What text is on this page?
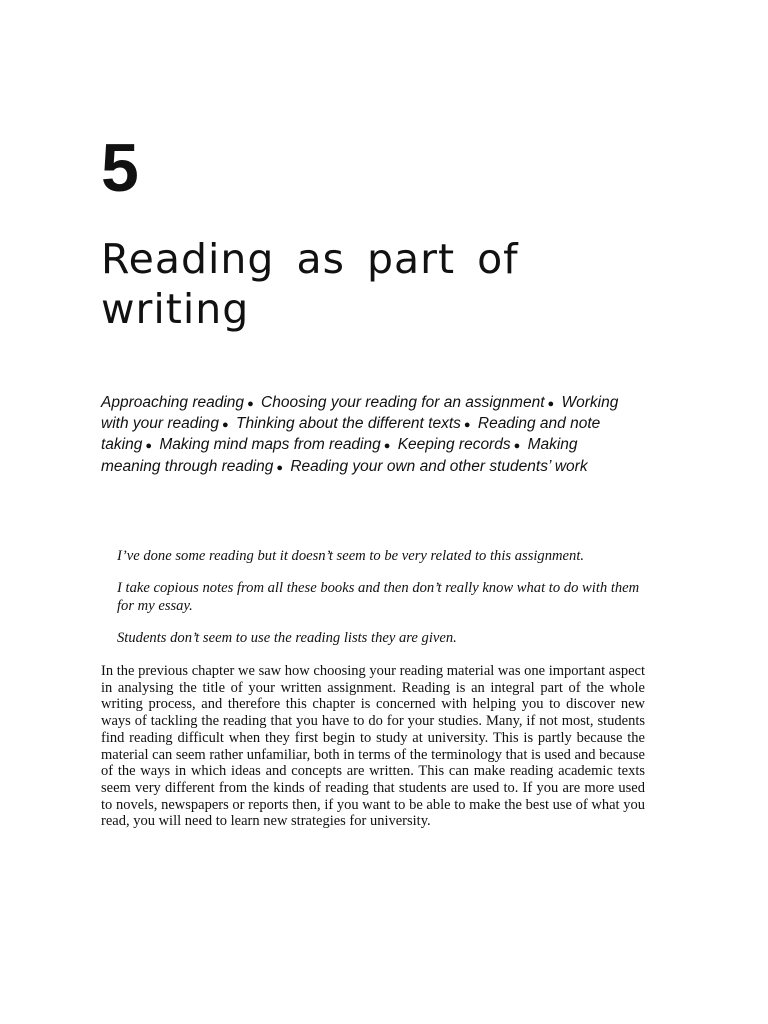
5
Reading as part of writing

Approaching reading ● Choosing your reading for an assignment ● Working with your reading ● Thinking about the different texts ● Reading and note taking ● Making mind maps from reading ● Keeping records ● Making meaning through reading ● Reading your own and other students’ work

I’ve done some reading but it doesn’t seem to be very related to this assignment.

I take copious notes from all these books and then don’t really know what to do with them for my essay.

Students don’t seem to use the reading lists they are given.

In the previous chapter we saw how choosing your reading material was one important aspect in analysing the title of your written assignment. Reading is an integral part of the whole writing process, and therefore this chapter is concerned with helping you to discover new ways of tackling the reading that you have to do for your studies. Many, if not most, students find reading difficult when they first begin to study at university. This is partly because the material can seem rather unfamiliar, both in terms of the terminology that is used and because of the ways in which ideas and concepts are written. This can make reading academic texts seem very different from the kinds of reading that students are used to. If you are more used to novels, newspapers or reports then, if you want to be able to make the best use of what you read, you will need to learn new strategies for university.
